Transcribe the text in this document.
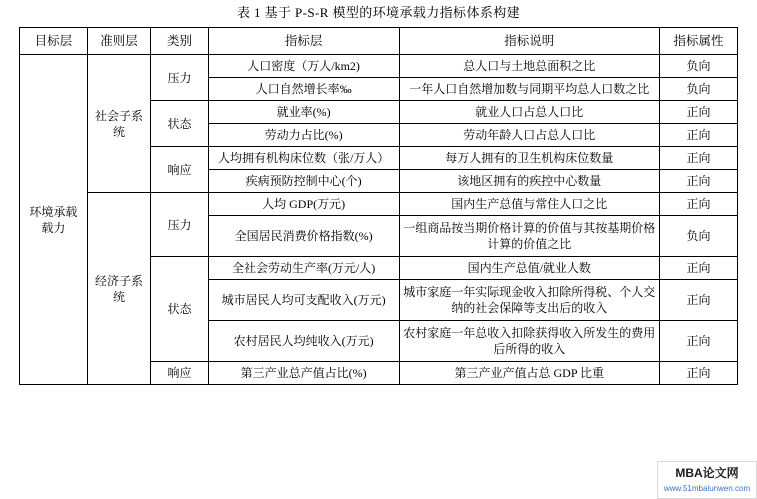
表 1 基于 P-S-R 模型的环境承载力指标体系构建
目标层	准则层	类别	指标层	指标说明	指标属性
环境承载 载力	社会子系 统	压力	人口密度（万人/km2)	总人口与土地总面积之比	负向
			人口自然增长率‰	一年人口自然增加数与同期平均总人口数之比	负向
		状态	就业率(%)	就业人口占总人口比	正向
			劳动力占比(%)	劳动年龄人口占总人口比	正向
		响应	人均拥有机构床位数（张/万人）	每万人拥有的卫生机构床位数量	正向
			疾病预防控制中心(个)	该地区拥有的疾控中心数量	正向
	经济子系 统	压力	人均 GDP(万元)	国内生产总值与常住人口之比	正向
			全国居民消费价格指数(%)	一组商品按当期价格计算的价值与其按基期价格计算的价值之比	负向
		状态	全社会劳动生产率(万元/人)	国内生产总值/就业人数	正向
			城市居民人均可支配收入(万元)	城市家庭一年实际现金收入扣除所得税、个人交纳的社会保障等支出后的收入	正向
			农村居民人均纯收入(万元)	农村家庭一年总收入扣除获得收入所发生的费用后所得的收入	正向
		响应	第三产业总产值占比(%)	第三产业产值占总 GDP 比重	正向
MBA论文网
www.51mbalunwen.com
